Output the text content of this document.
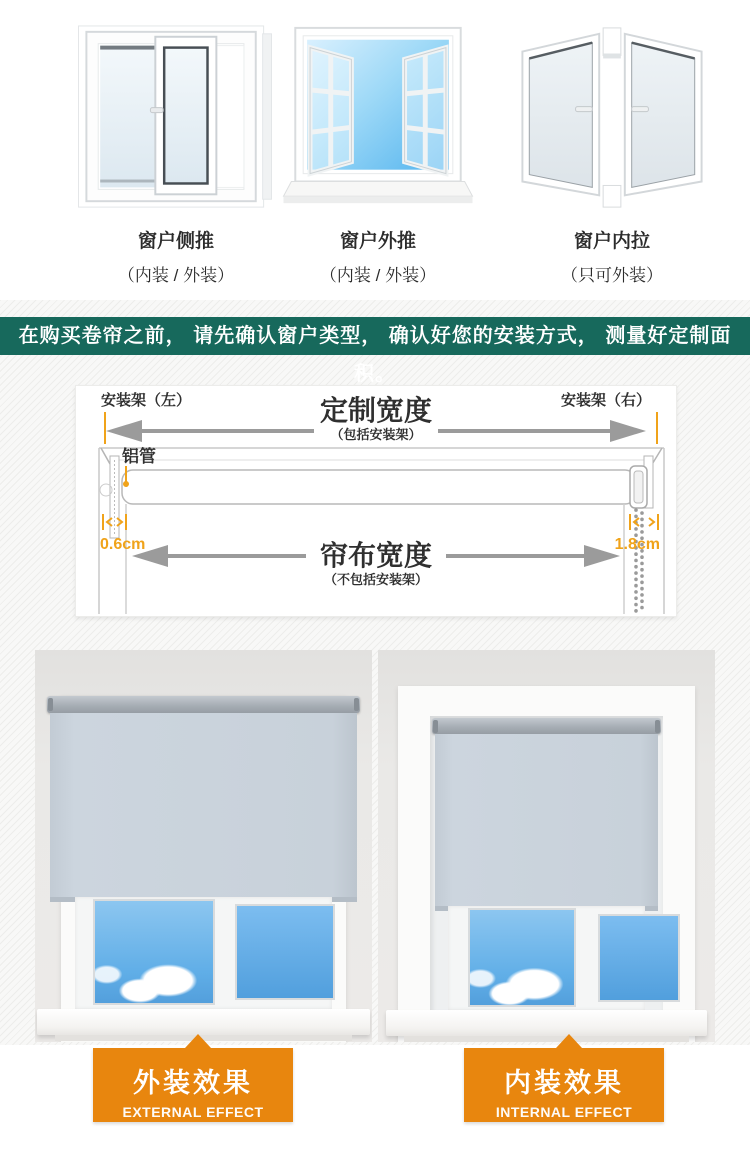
窗户侧推
（内装 / 外装）
窗户外推
（内装 / 外装）
窗户内拉
（只可外装）
在购买卷帘之前， 请先确认窗户类型， 确认好您的安装方式， 测量好定制面积。
安装架（左）	安装架（右）
定制宽度
（包括安装架）
铝管
0.6cm	1.8cm
帘布宽度
（不包括安装架）
外装效果
EXTERNAL EFFECT
内装效果
INTERNAL EFFECT
